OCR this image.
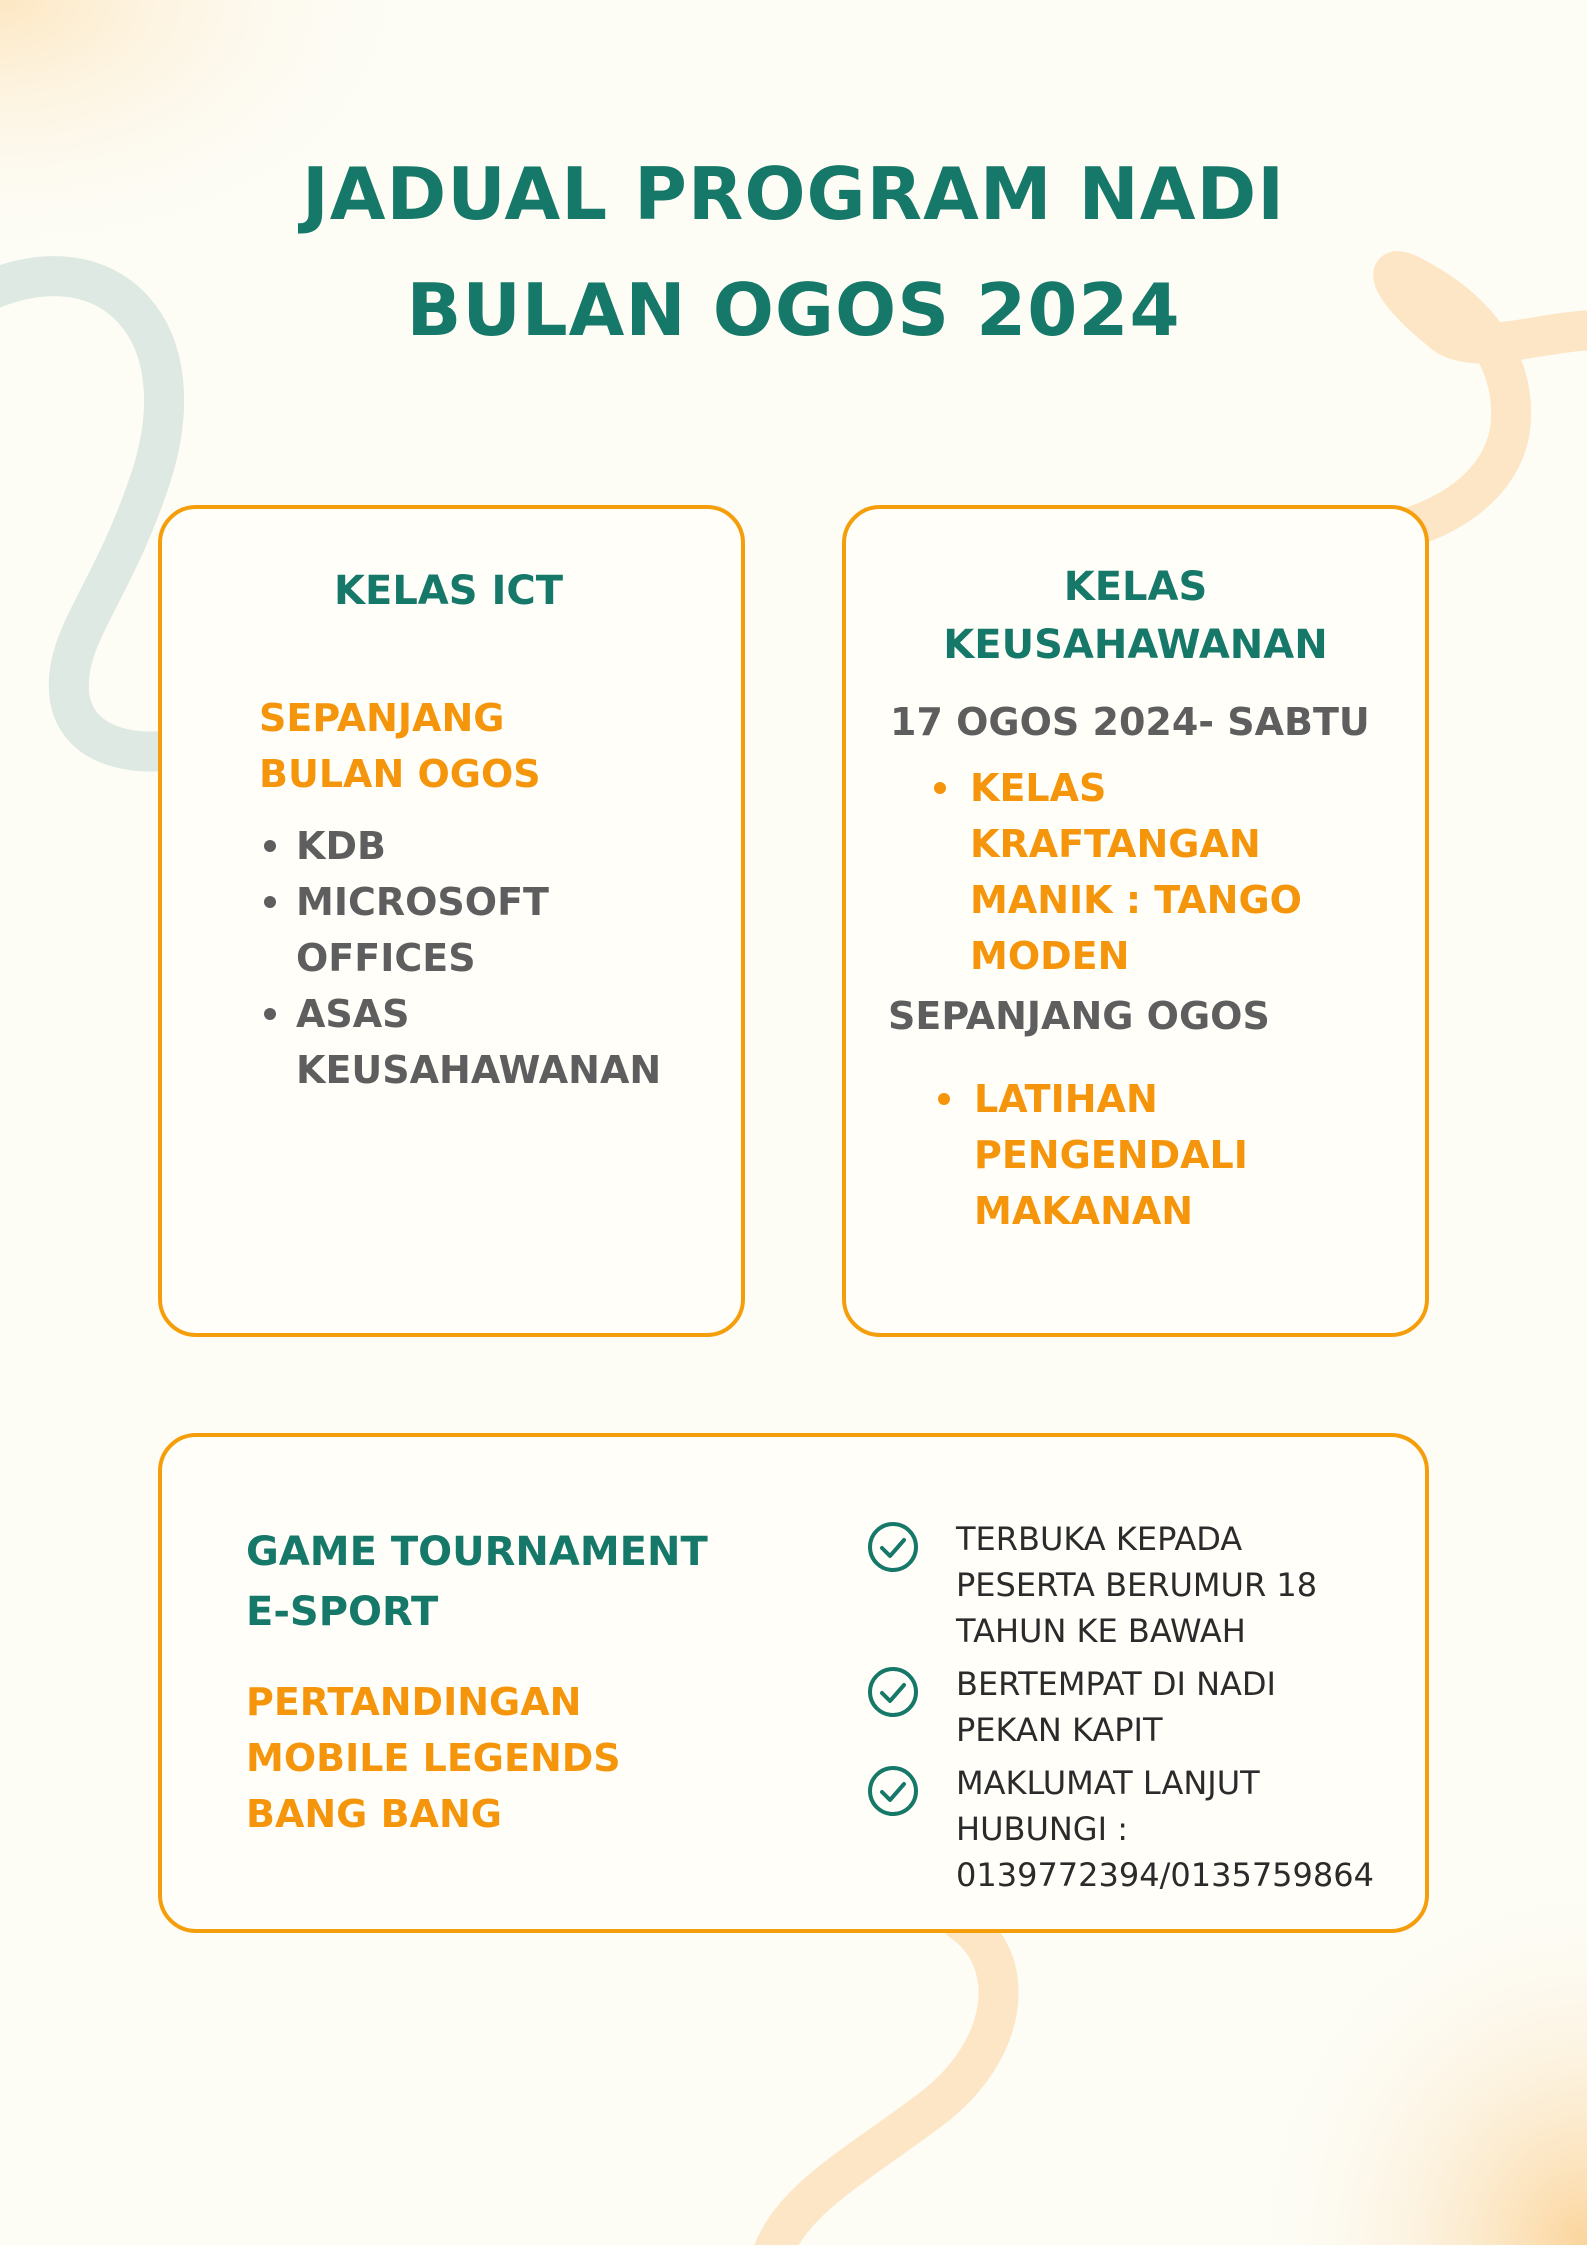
JADUAL PROGRAM NADI
BULAN OGOS 2024

KELAS ICT

SEPANJANG
BULAN OGOS

KDB
MICROSOFT
OFFICES
ASAS
KEUSAHAWANAN

KELAS
KEUSAHAWANAN

17 OGOS 2024- SABTU

KELAS
KRAFTANGAN
MANIK : TANGO
MODEN

SEPANJANG OGOS

LATIHAN
PENGENDALI
MAKANAN

GAME TOURNAMENT
E-SPORT

PERTANDINGAN
MOBILE LEGENDS
BANG BANG

TERBUKA KEPADA
PESERTA BERUMUR 18
TAHUN KE BAWAH

BERTEMPAT DI NADI
PEKAN KAPIT

MAKLUMAT LANJUT
HUBUNGI :
0139772394/0135759864
